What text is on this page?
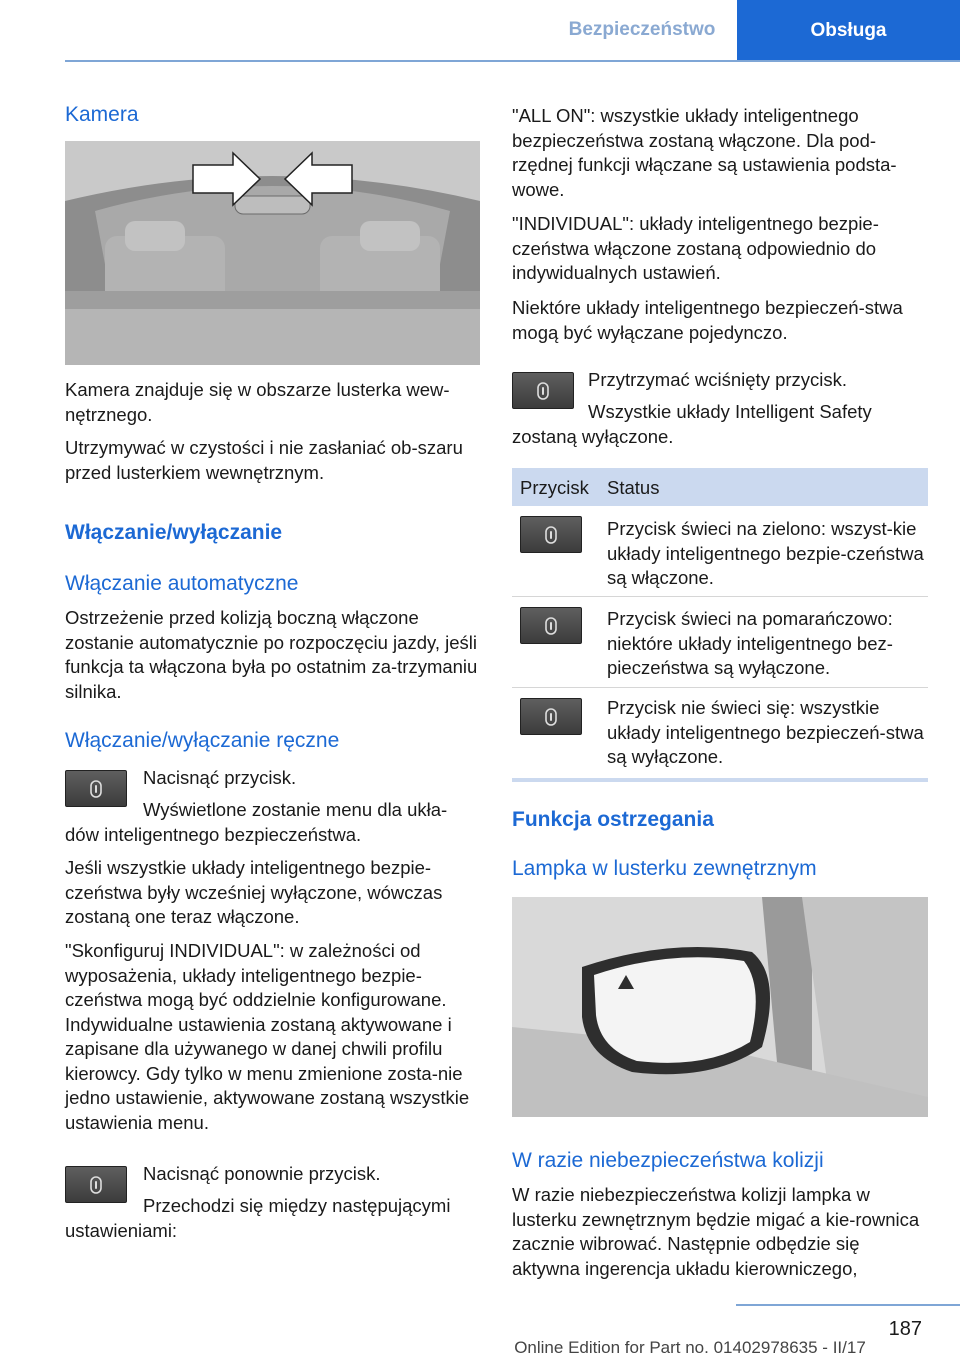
Bezpieczeństwo	Obsługa
Kamera

Kamera znajduje się w obszarze lusterka wew-nętrznego.

Utrzymywać w czystości i nie zasłaniać ob-szaru przed lusterkiem wewnętrznym.

Włączanie/wyłączanie
Włączanie automatyczne

Ostrzeżenie przed kolizją boczną włączone zostanie automatycznie po rozpoczęciu jazdy, jeśli funkcja ta włączona była po ostatnim za-trzymaniu silnika.

Włączanie/wyłączanie ręczne

Nacisnąć przycisk.

Wyświetlone zostanie menu dla ukła-dów inteligentnego bezpieczeństwa.

Jeśli wszystkie układy inteligentnego bezpie-czeństwa były wcześniej wyłączone, wówczas zostaną one teraz włączone.

"Skonfiguruj INDIVIDUAL": w zależności od wyposażenia, układy inteligentnego bezpie-czeństwa mogą być oddzielnie konfigurowane. Indywidualne ustawienia zostaną aktywowane i zapisane dla używanego w danej chwili profilu kierowcy. Gdy tylko w menu zmienione zosta-nie jedno ustawienie, aktywowane zostaną wszystkie ustawienia menu.

Nacisnąć ponownie przycisk.

Przechodzi się między następującymi ustawieniami:

"ALL ON": wszystkie układy inteligentnego bezpieczeństwa zostaną włączone. Dla pod-rzędnej funkcji włączane są ustawienia podsta-wowe.

"INDIVIDUAL": układy inteligentnego bezpie-czeństwa włączone zostaną odpowiednio do indywidualnych ustawień.

Niektóre układy inteligentnego bezpieczeń-stwa mogą być wyłączane pojedynczo.

Przytrzymać wciśnięty przycisk.

Wszystkie układy Intelligent Safety zostaną wyłączone.

Przycisk Status

Przycisk świeci na zielono: wszyst-kie układy inteligentnego bezpie-czeństwa są włączone.

Przycisk świeci na pomarańczowo: niektóre układy inteligentnego bez-pieczeństwa są wyłączone.

Przycisk nie świeci się: wszystkie układy inteligentnego bezpieczeń-stwa są wyłączone.

Funkcja ostrzegania
Lampka w lusterku zewnętrznym
W razie niebezpieczeństwa kolizji

W razie niebezpieczeństwa kolizji lampka w lusterku zewnętrznym będzie migać a kie-rownica zacznie wibrować. Następnie odbędzie się aktywna ingerencja układu kierowniczego,

187
Online Edition for Part no. 01402978635 - II/17
